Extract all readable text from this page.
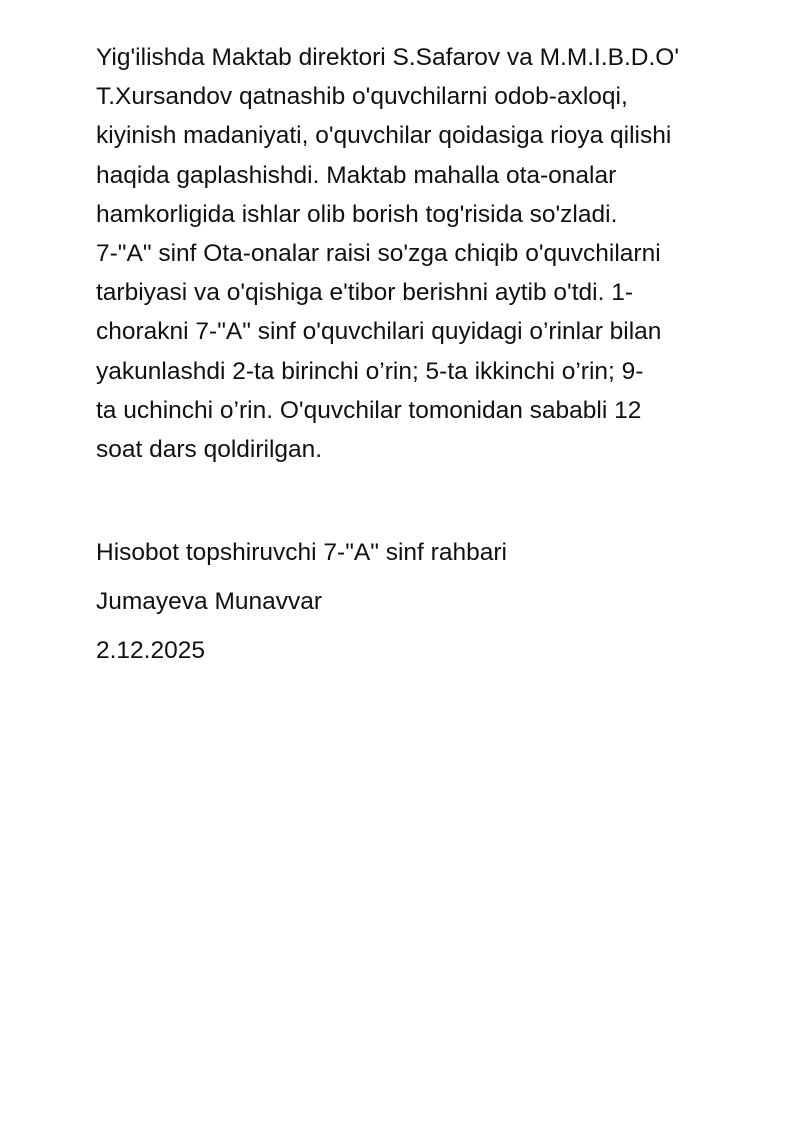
Yig'ilishda Maktab direktori S.Safarov va M.M.I.B.D.O'
T.Xursandov qatnashib o'quvchilarni odob-axloqi,
kiyinish madaniyati, o'quvchilar qoidasiga rioya qilishi
haqida gaplashishdi. Maktab mahalla ota-onalar
hamkorligida ishlar olib borish tog'risida so'zladi.
7-"A" sinf Ota-onalar raisi so'zga chiqib o'quvchilarni
tarbiyasi va o'qishiga e'tibor berishni aytib o'tdi. 1-
chorakni 7-"A" sinf o'quvchilari quyidagi o’rinlar bilan
yakunlashdi 2-ta birinchi o’rin; 5-ta ikkinchi o’rin; 9-
ta uchinchi o’rin. O'quvchilar tomonidan sababli 12
soat dars qoldirilgan.

Hisobot topshiruvchi 7-"A" sinf rahbari
Jumayeva Munavvar
2.12.2025
